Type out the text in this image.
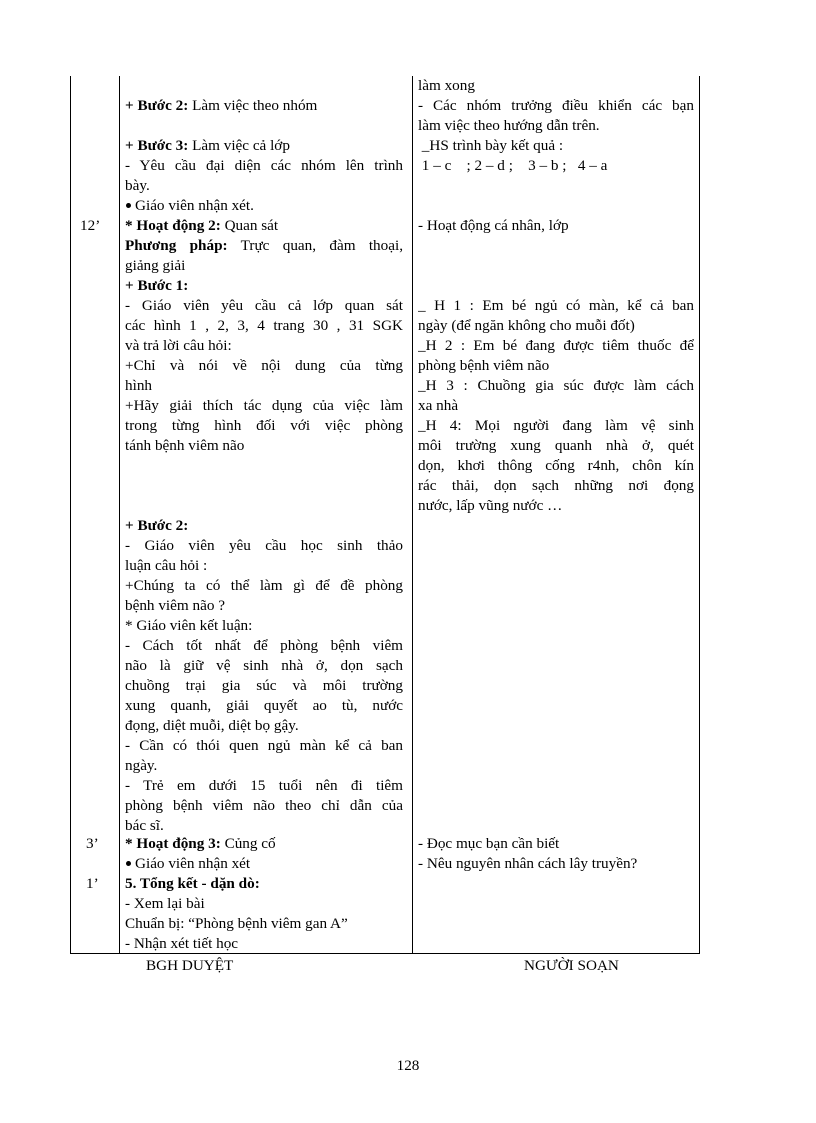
12’
3’
1’
+ Bước 2: Làm việc theo nhóm
+ Bước 3: Làm việc cả lớp
- Yêu cầu đại diện các nhóm lên trình
bày.
Giáo viên nhận xét.
* Hoạt động 2: Quan sát
Phương pháp: Trực quan, đàm thoại,
giảng giải
+ Bước 1:
- Giáo viên yêu cầu cả lớp quan sát
các hình 1 , 2, 3, 4 trang 30 , 31 SGK
và trả lời câu hỏi:
+Chỉ và nói về nội dung của từng
hình
+Hãy giải thích tác dụng của việc làm
trong từng hình đối với việc phòng
tánh bệnh viêm não
+ Bước 2:
- Giáo viên yêu cầu học sinh thảo
luận câu hỏi :
+Chúng ta có thể làm gì để đề phòng
bệnh viêm não ?
* Giáo viên kết luận:
- Cách tốt nhất để phòng bệnh viêm
não là giữ vệ sinh nhà ở, dọn sạch
chuồng trại gia súc và môi trường
xung quanh, giải quyết ao tù, nước
đọng, diệt muỗi, diệt bọ gậy.
- Cần có thói quen ngủ màn kể cả ban
ngày.
- Trẻ em dưới 15 tuổi nên đi tiêm
phòng bệnh viêm não theo chỉ dẫn của
bác sĩ.
* Hoạt động 3: Củng cố
Giáo viên nhận xét
5. Tổng kết - dặn dò:
- Xem lại bài
Chuẩn bị: “Phòng bệnh viêm gan A”
- Nhận xét tiết học
làm xong
- Các nhóm trưởng điều khiển các bạn
làm việc theo hướng dẫn trên.
_HS trình bày kết quả :
1 – c    ; 2 – d ;    3 – b ;   4 – a
- Hoạt động cá nhân, lớp
_ H 1 : Em bé ngủ có màn, kể cả ban
ngày (để ngăn không cho muỗi đốt)
_H 2 : Em bé đang được tiêm thuốc để
phòng bệnh viêm não
_H 3 : Chuồng gia súc được làm cách
xa nhà
_H 4: Mọi người đang làm vệ sinh
môi trường xung quanh nhà ở, quét
dọn, khơi thông cống r4nh, chôn kín
rác thải, dọn sạch những nơi đọng
nước, lấp vũng nước …
- Đọc mục bạn cần biết
- Nêu nguyên nhân cách lây truyền?
BGH DUYỆT	NGƯỜI SOẠN
128
